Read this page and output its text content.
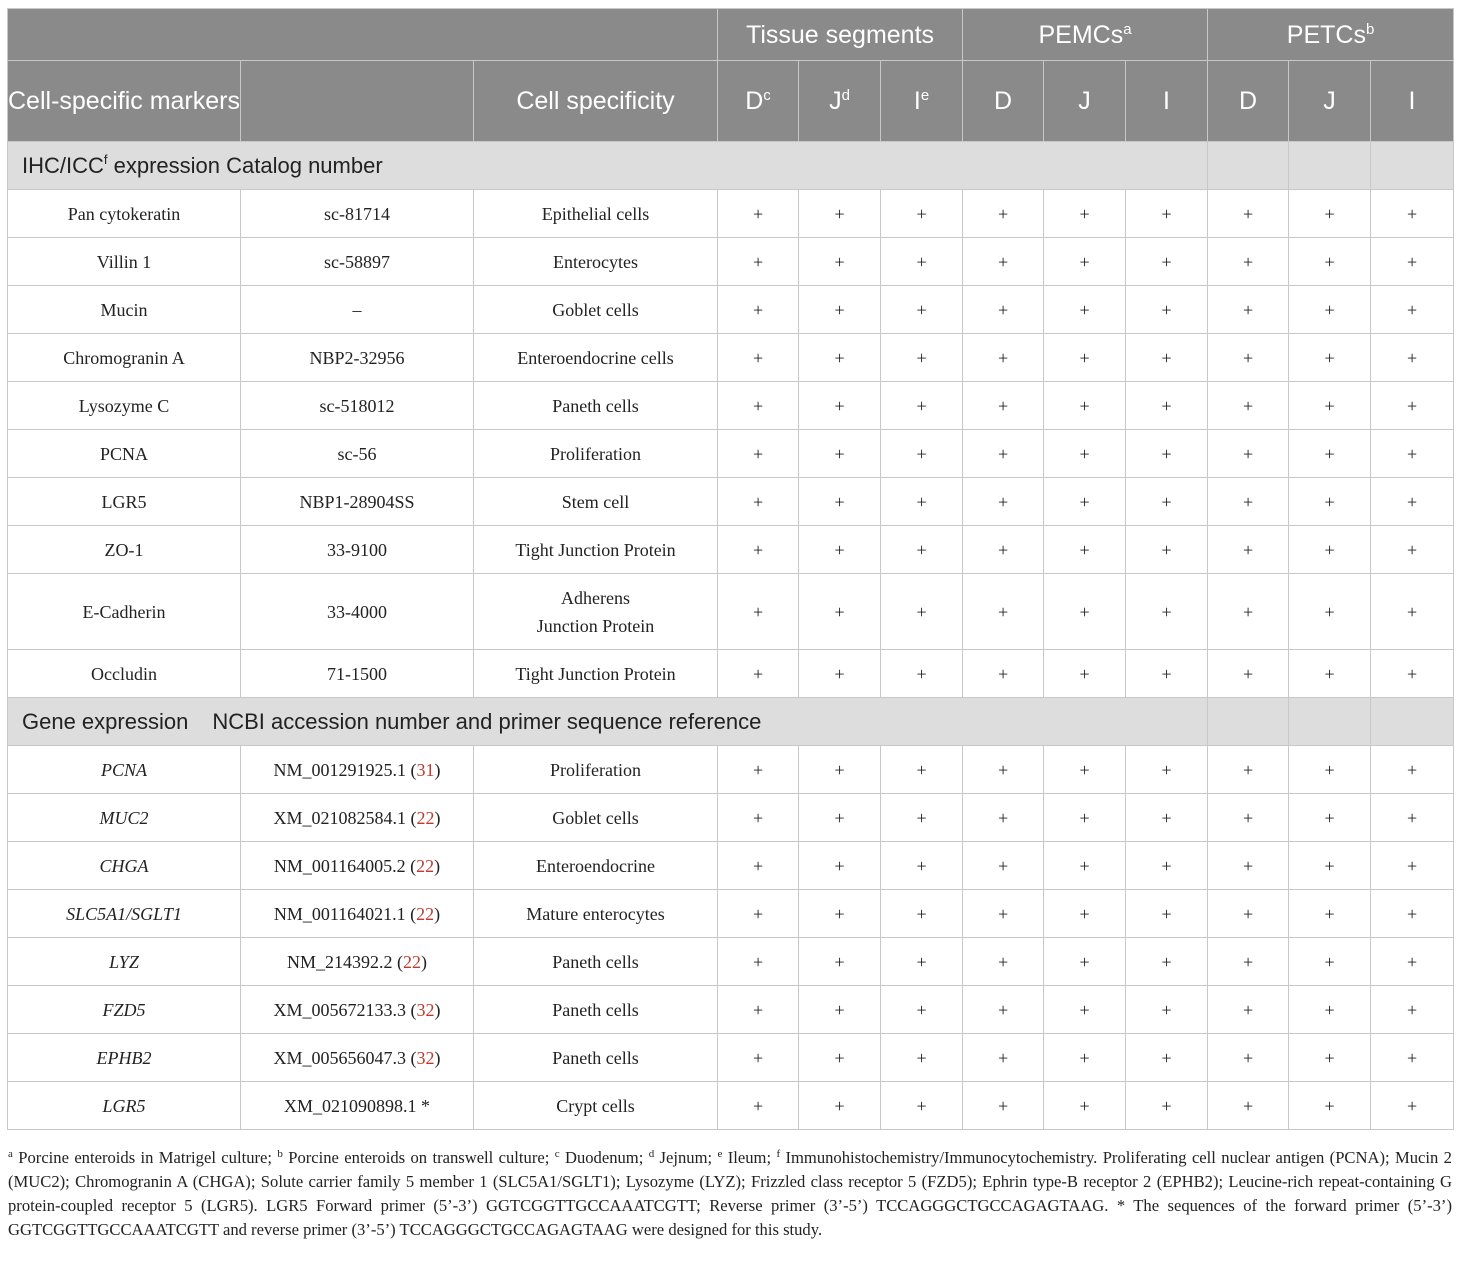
			Tissue segments			PEMCs$^a$			PETCs$^b$
Cell-specific markers		Cell specificity	$D^c$	$J^d$	Ie	D	J	I	D	J	I
IHC/ICC$^f$ expression Catalog number											
Pan cytokeratin	sc-81714	Epithelial cells	+	+	+	+	+	+	+	+	+
Villin 1	sc-58897	Enterocytes	+	+	+	+	+	+	+	+	+
Mucin	–	Goblet cells	+	+	+	+	+	+	+	+	+
Chromogranin A	NBP2-32956	Enteroendocrine cells	+	+	+	+	+	+	+	+	+
Lysozyme C	sc-518012	Paneth cells	+	+	+	+	+	+	+	+	+
PCNA	sc-56	Proliferation	+	+	+	+	+	+	+	+	+
LGR5	NBP1-28904SS	Stem cell	+	+	+	+	+	+	+	+	+
ZO-1	33-9100	Tight Junction Protein	+	+	+	+	+	+	+	+	+
E-Cadherin	33-4000	Adherens
Junction Protein	+	+	+	+	+	+	+	+	+
Occludin	71-1500	Tight Junction Protein	+	+	+	+	+	+	+	+	+
Gene expression NCBI accession number and primer sequence reference											
PCNA	NM_001291925.1 (31)	Proliferation	+	+	+	+	+	+	+	+	+
MUC2	XM_021082584.1 (22)	Goblet cells	+	+	+	+	+	+	+	+	+
CHGA	NM_001164005.2 (22)	Enteroendocrine	+	+	+	+	+	+	+	+	+
SLC5A1/SGLT1	NM_001164021.1 (22)	Mature enterocytes	+	+	+	+	+	+	+	+	+
LYZ	NM_214392.2 (22)	Paneth cells	+	+	+	+	+	+	+	+	+
FZD5	XM_005672133.3 (32)	Paneth cells	+	+	+	+	+	+	+	+	+
EPHB2	XM_005656047.3 (32)	Paneth cells	+	+	+	+	+	+	+	+	+
LGR5	XM_021090898.1 *	Crypt cells	+	+	+	+	+	+	+	+	+
$^a$ Porcine enteroids in Matrigel culture; $^b$ Porcine enteroids on transwell culture; $^c$ Duodenum; $^d$ Jejnum; $^e$ Ileum; $^f$ Immunohistochemistry/Immunocytochemistry. Proliferating cell nuclear antigen (PCNA); Mucin 2 (MUC2); Chromogranin A (CHGA); Solute carrier family 5 member 1 (SLC5A1/SGLT1); Lysozyme (LYZ); Frizzled class receptor 5 (FZD5); Ephrin type-B receptor 2 (EPHB2); Leucine-rich repeat-containing G protein-coupled receptor 5 (LGR5). LGR5 Forward primer (5’-3’) GGTCGGTTGCCAAATCGTT; Reverse primer (3’-5’) TCCAGGGCTGCCAGAGTAAG. * The sequences of the forward primer (5’-3’) GGTCGGTTGCCAAATCGTT and reverse primer (3’-5’) TCCAGGGCTGCCAGAGTAAG were designed for this study.
